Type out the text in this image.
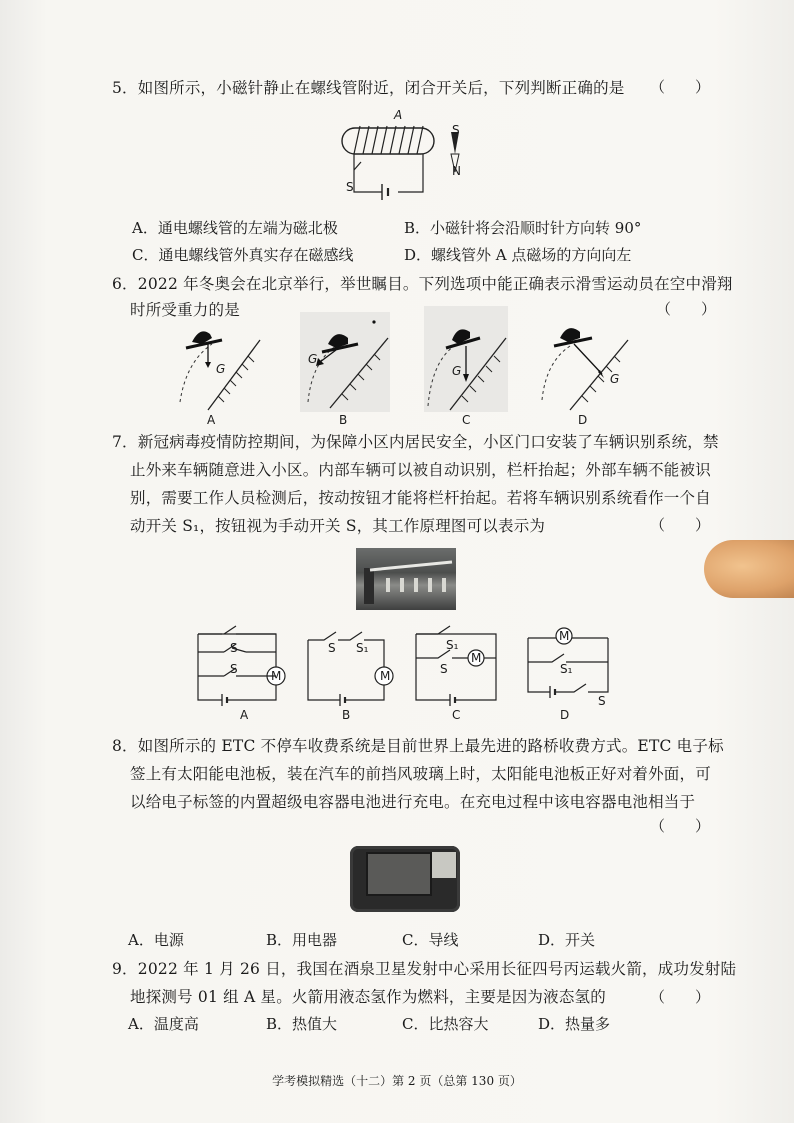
5．如图所示，小磁针静止在螺线管附近，闭合开关后，下列判断正确的是 （　　）
A
S
N
S
A．通电螺线管的左端为磁北极	B．小磁针将会沿顺时针方向转 90°
C．通电螺线管外真实存在磁感线	D．螺线管外 A 点磁场的方向向左
6．2022 年冬奥会在北京举行，举世瞩目。下列选项中能正确表示滑雪运动员在空中滑翔
时所受重力的是	（　　）
G
G
G
G
A	B	C	D
7．新冠病毒疫情防控期间，为保障小区内居民安全，小区门口安装了车辆识别系统，禁
止外来车辆随意进入小区。内部车辆可以被自动识别，栏杆抬起；外部车辆不能被识
别，需要工作人员检测后，按动按钮才能将栏杆抬起。若将车辆识别系统看作一个自
动开关 S₁，按钮视为手动开关 S，其工作原理图可以表示为	（　　）
S
S	M
A
S S₁
M
B
S₁
S
M
C
M
S₁
S
D
8．如图所示的 ETC 不停车收费系统是目前世界上最先进的路桥收费方式。ETC 电子标
签上有太阳能电池板，装在汽车的前挡风玻璃上时，太阳能电池板正好对着外面，可
以给电子标签的内置超级电容器电池进行充电。在充电过程中该电容器电池相当于
（　　）
A．电源	B．用电器	C．导线	D．开关
9．2022 年 1 月 26 日，我国在酒泉卫星发射中心采用长征四号丙运载火箭，成功发射陆
地探测号 01 组 A 星。火箭用液态氢作为燃料，主要是因为液态氢的	（　　）
A．温度高	B．热值大	C．比热容大	D．热量多
学考模拟精选（十二）第 2 页（总第 130 页）
